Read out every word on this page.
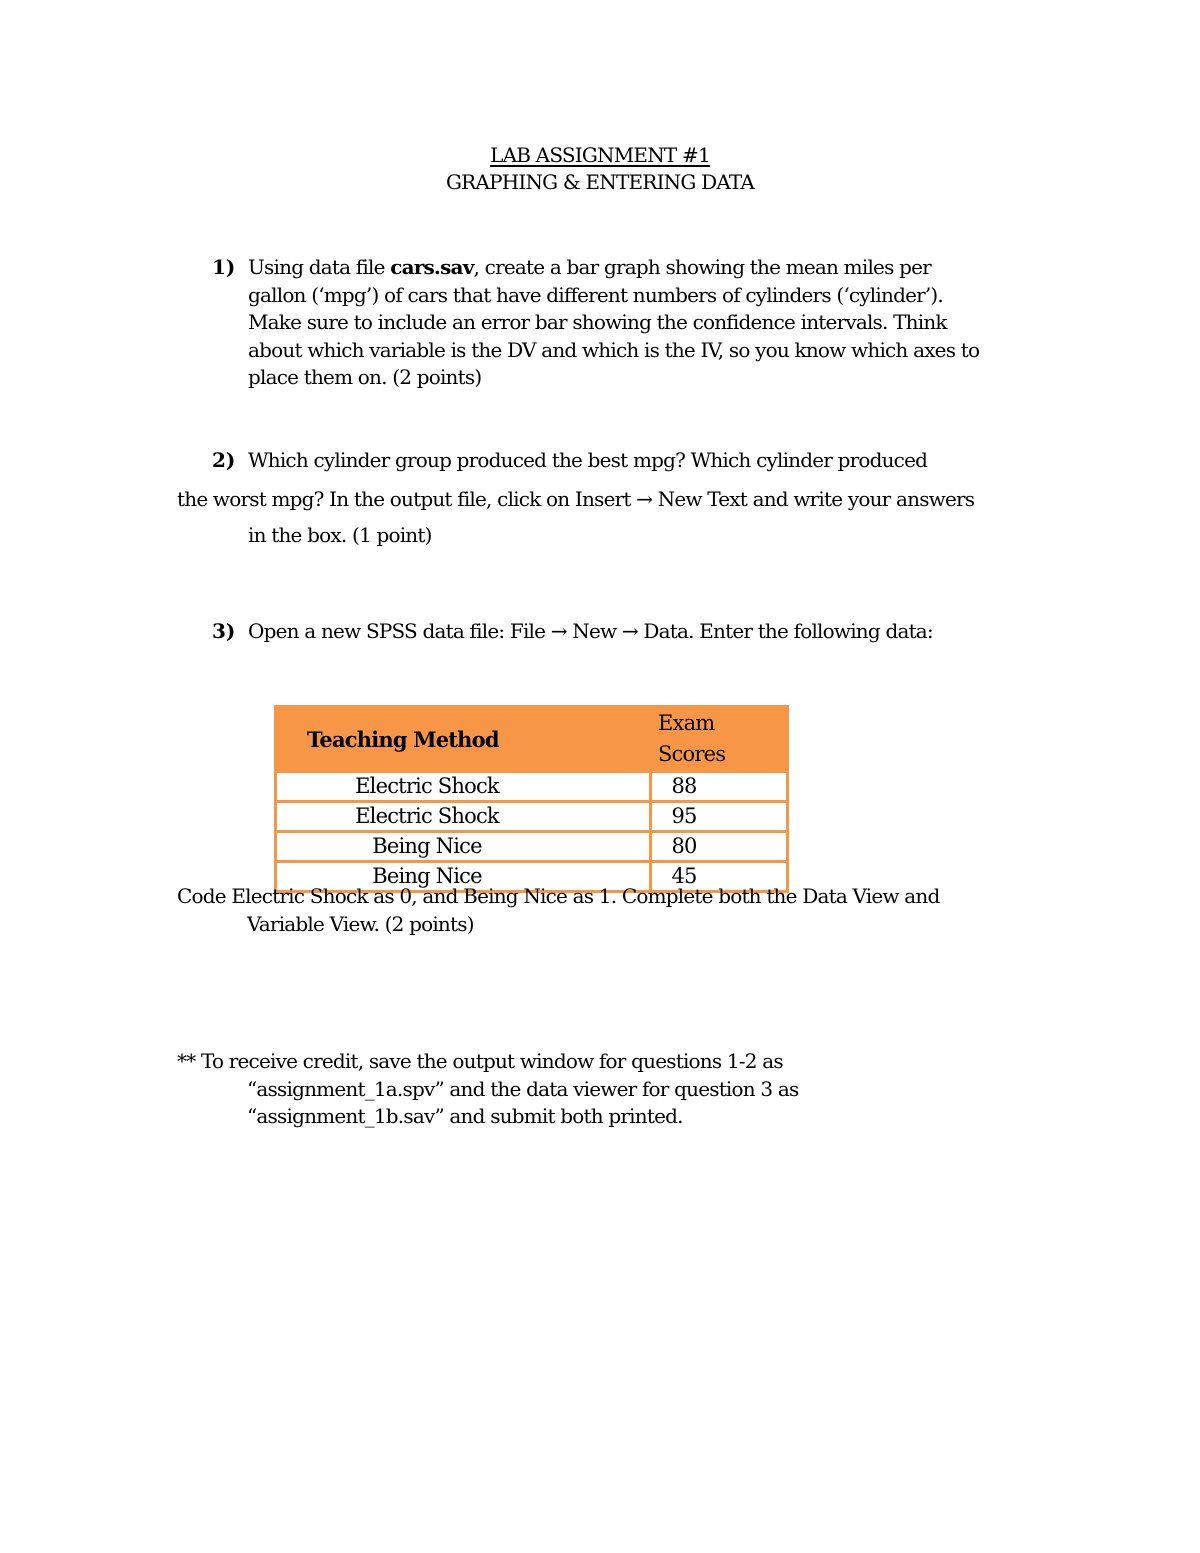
LAB ASSIGNMENT #1
GRAPHING & ENTERING DATA
1) Using data file cars.sav, create a bar graph showing the mean miles per
gallon (‘mpg’) of cars that have different numbers of cylinders (‘cylinder’).
Make sure to include an error bar showing the confidence intervals. Think
about which variable is the DV and which is the IV, so you know which axes to
place them on. (2 points)
2) Which cylinder group produced the best mpg? Which cylinder produced
the worst mpg? In the output file, click on Insert → New Text and write your answers
in the box. (1 point)
3) Open a new SPSS data file: File → New → Data. Enter the following data:
Teaching Method	Exam Scores
Electric Shock	88
Electric Shock	95
Being Nice	80
Being Nice	45
Code Electric Shock as 0, and Being Nice as 1. Complete both the Data View and
Variable View. (2 points)
** To receive credit, save the output window for questions 1-2 as
“assignment_1a.spv” and the data viewer for question 3 as
“assignment_1b.sav” and submit both printed.
